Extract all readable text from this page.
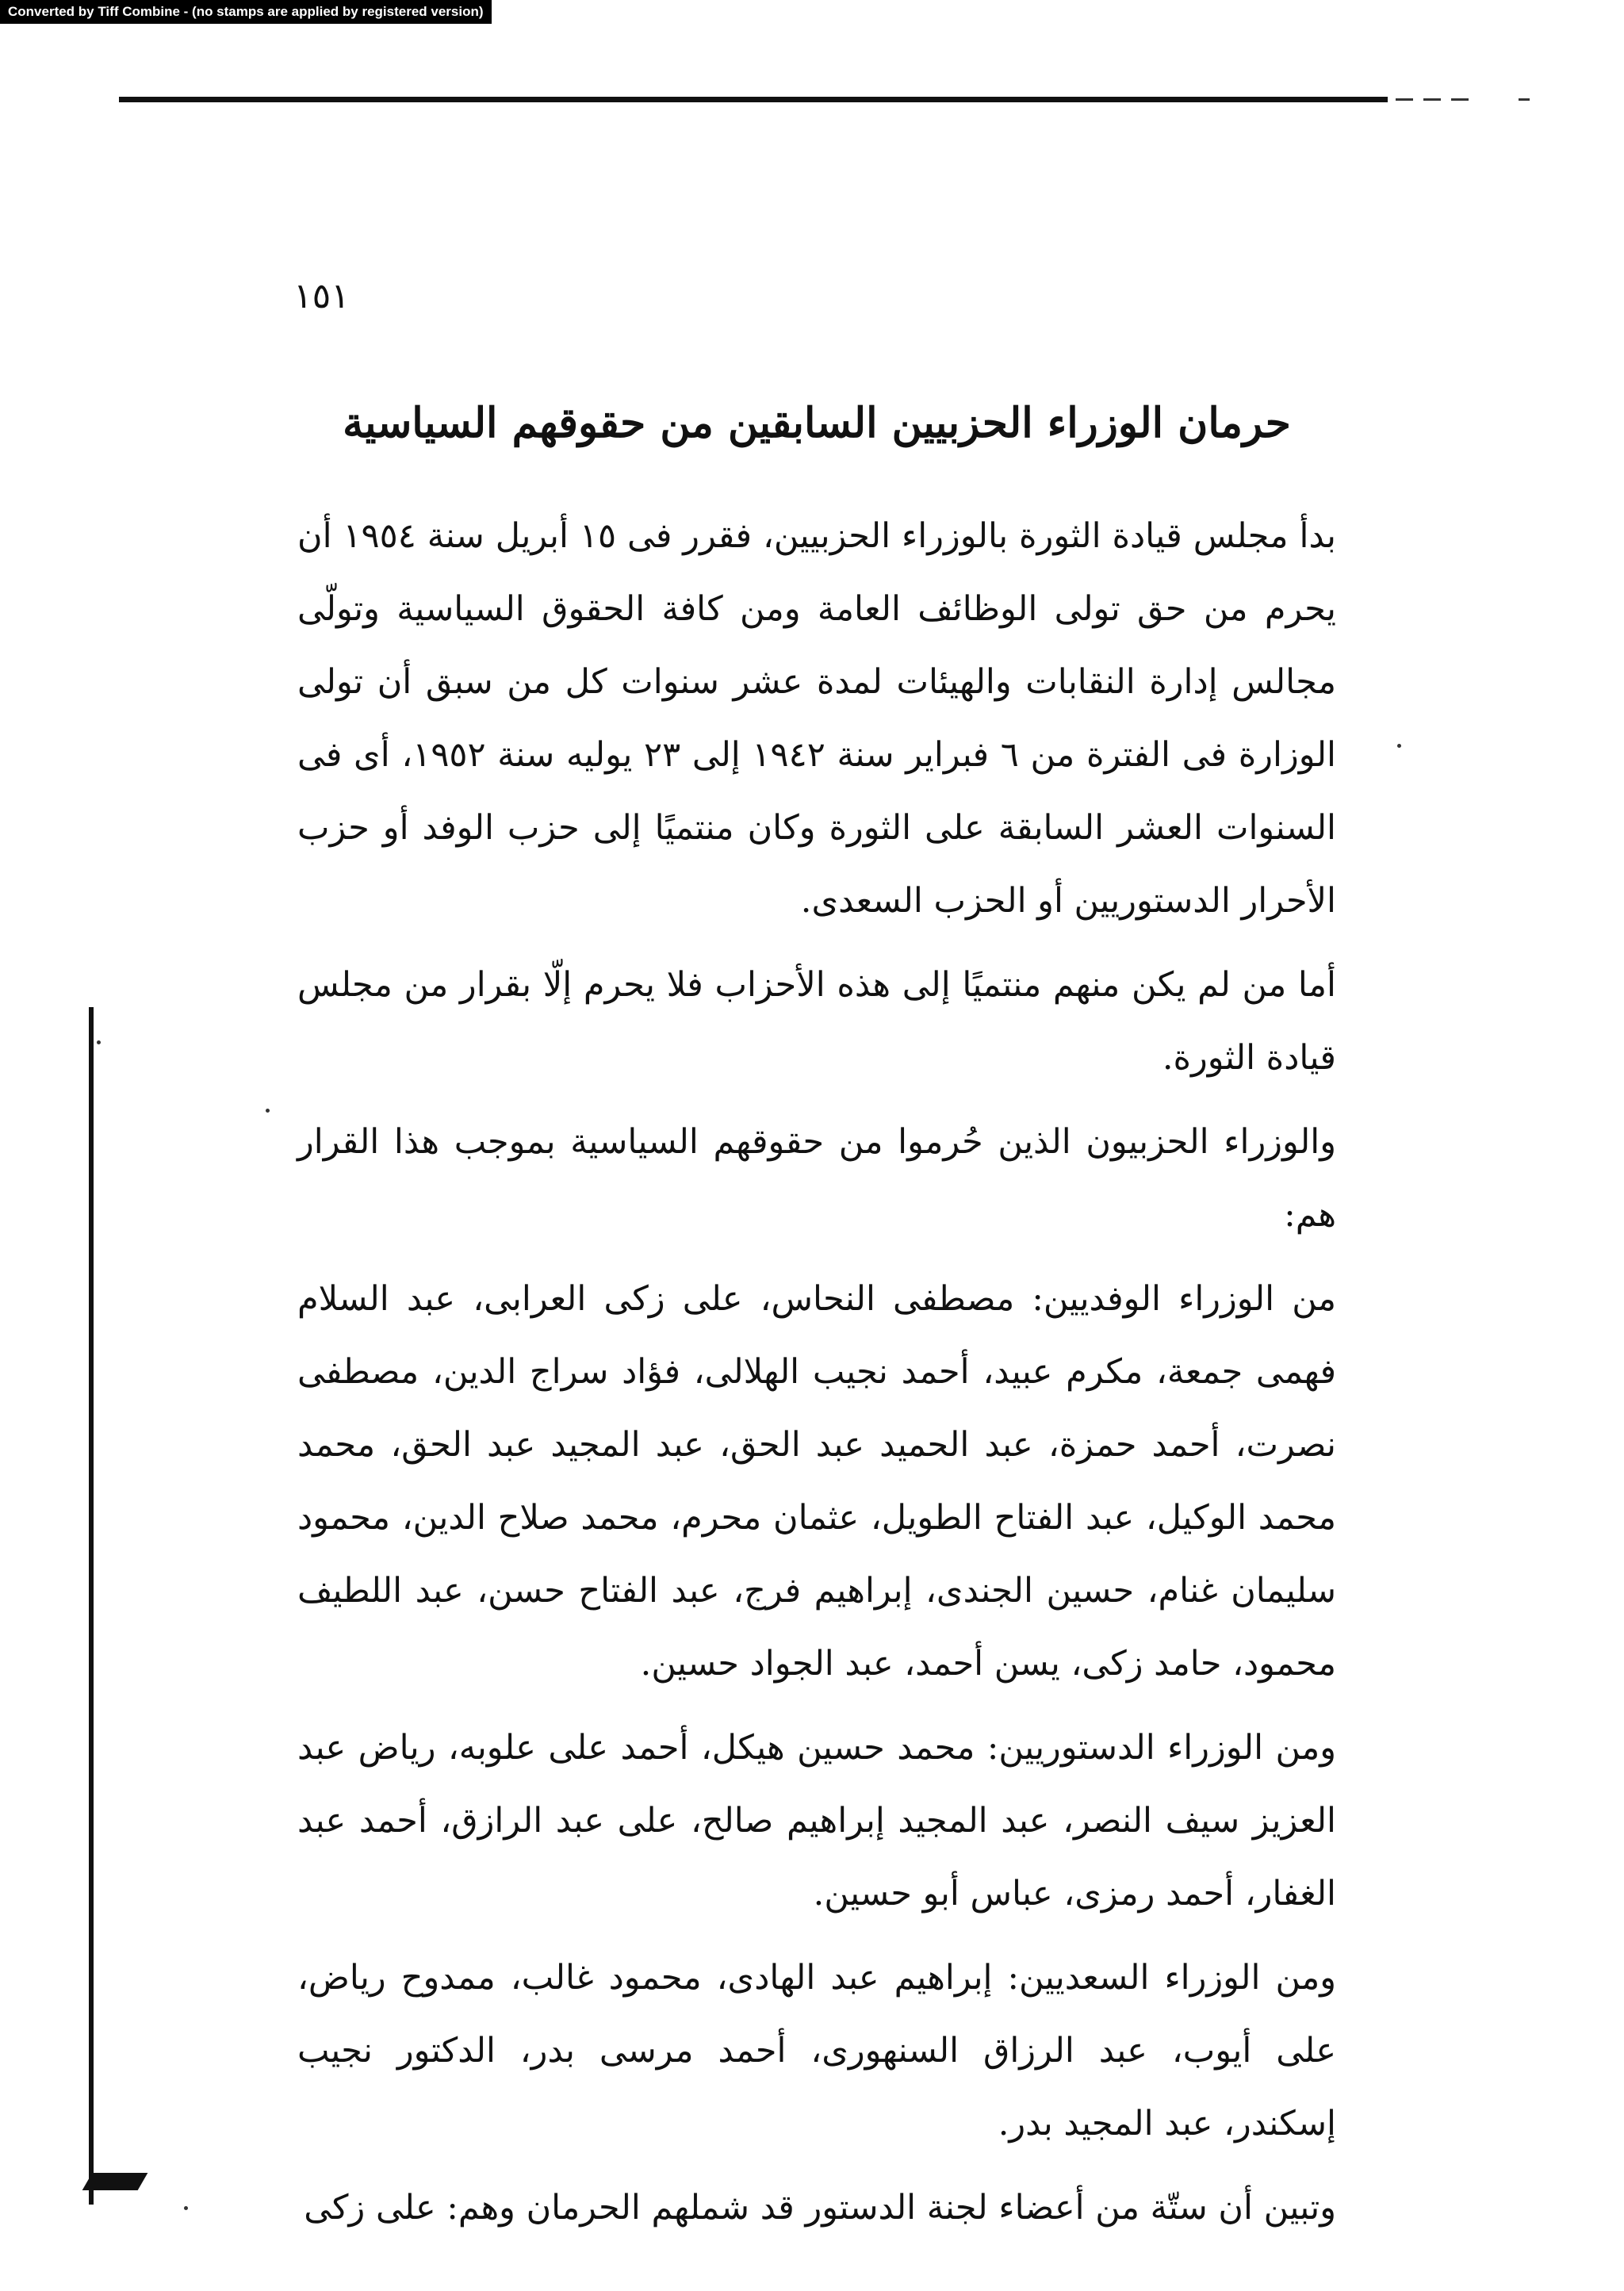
Converted by Tiff Combine - (no stamps are applied by registered version)
١٥١
حرمان الوزراء الحزبيين السابقين من حقوقهم السياسية

بدأ مجلس قيادة الثورة بالوزراء الحزبيين، فقرر فى ١٥ أبريل سنة ١٩٥٤ أن يحرم من حق تولى الوظائف العامة ومن كافة الحقوق السياسية وتولّى مجالس إدارة النقابات والهيئات لمدة عشر سنوات كل من سبق أن تولى الوزارة فى الفترة من ٦ فبراير سنة ١٩٤٢ إلى ٢٣ يوليه سنة ١٩٥٢، أى فى السنوات العشر السابقة على الثورة وكان منتميًا إلى حزب الوفد أو حزب الأحرار الدستوريين أو الحزب السعدى.

أما من لم يكن منهم منتميًا إلى هذه الأحزاب فلا يحرم إلّا بقرار من مجلس قيادة الثورة.

والوزراء الحزبيون الذين حُرموا من حقوقهم السياسية بموجب هذا القرار هم:

من الوزراء الوفديين: مصطفى النحاس، على زكى العرابى، عبد السلام فهمى جمعة، مكرم عبيد، أحمد نجيب الهلالى، فؤاد سراج الدين، مصطفى نصرت، أحمد حمزة، عبد الحميد عبد الحق، عبد المجيد عبد الحق، محمد محمد الوكيل، عبد الفتاح الطويل، عثمان محرم، محمد صلاح الدين، محمود سليمان غنام، حسين الجندى، إبراهيم فرج، عبد الفتاح حسن، عبد اللطيف محمود، حامد زكى، يسن أحمد، عبد الجواد حسين.

ومن الوزراء الدستوريين: محمد حسين هيكل، أحمد على علوبه، رياض عبد العزيز سيف النصر، عبد المجيد إبراهيم صالح، على عبد الرازق، أحمد عبد الغفار، أحمد رمزى، عباس أبو حسين.

ومن الوزراء السعديين: إبراهيم عبد الهادى، محمود غالب، ممدوح رياض، على أيوب، عبد الرزاق السنهورى، أحمد مرسى بدر، الدكتور نجيب إسكندر، عبد المجيد بدر.

وتبين أن ستّة من أعضاء لجنة الدستور قد شملهم الحرمان وهم: على زكى
